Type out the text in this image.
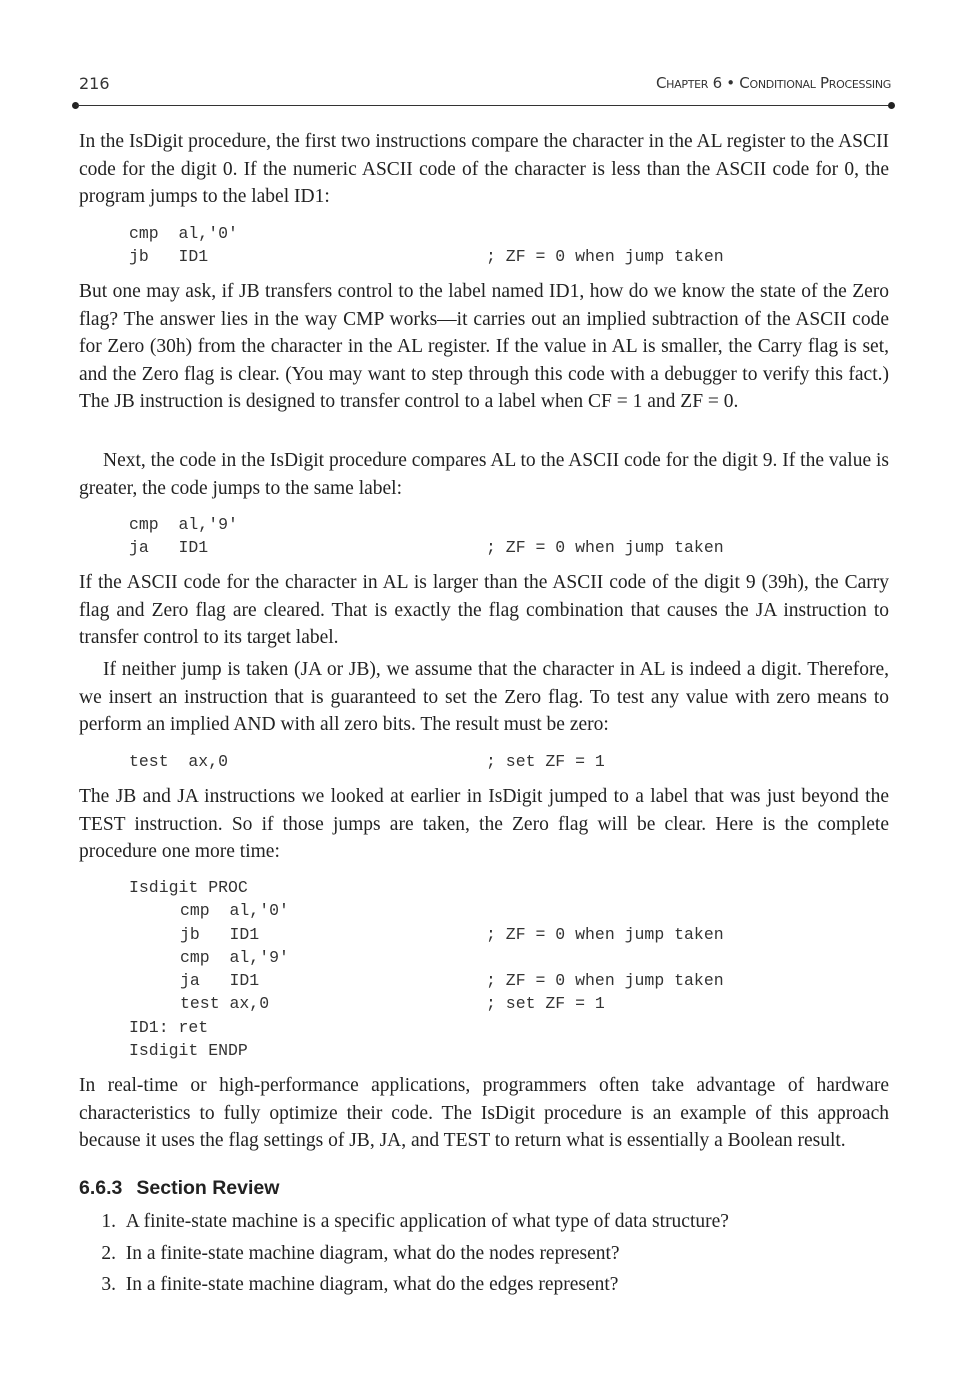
216	Chapter 6 • Conditional Processing

In the IsDigit procedure, the first two instructions compare the character in the AL register to the ASCII code for the digit 0. If the numeric ASCII code of the character is less than the ASCII code for 0, the program jumps to the label ID1:

cmp  al,'0'
jb   ID1	; ZF = 0 when jump taken

But one may ask, if JB transfers control to the label named ID1, how do we know the state of the Zero flag? The answer lies in the way CMP works—it carries out an implied subtraction of the ASCII code for Zero (30h) from the character in the AL register. If the value in AL is smaller, the Carry flag is set, and the Zero flag is clear. (You may want to step through this code with a debugger to verify this fact.) The JB instruction is designed to transfer control to a label when CF = 1 and ZF = 0.

Next, the code in the IsDigit procedure compares AL to the ASCII code for the digit 9. If the value is greater, the code jumps to the same label:

cmp  al,'9'
ja   ID1	; ZF = 0 when jump taken

If the ASCII code for the character in AL is larger than the ASCII code of the digit 9 (39h), the Carry flag and Zero flag are cleared. That is exactly the flag combination that causes the JA instruction to transfer control to its target label.

If neither jump is taken (JA or JB), we assume that the character in AL is indeed a digit. Therefore, we insert an instruction that is guaranteed to set the Zero flag. To test any value with zero means to perform an implied AND with all zero bits. The result must be zero:

test  ax,0	; set ZF = 1

The JB and JA instructions we looked at earlier in IsDigit jumped to a label that was just beyond the TEST instruction. So if those jumps are taken, the Zero flag will be clear. Here is the complete procedure one more time:

Isdigit PROC
cmp  al,'0'
jb   ID1	; ZF = 0 when jump taken
cmp  al,'9'
ja   ID1	; ZF = 0 when jump taken
test ax,0	; set ZF = 1
ID1: ret
Isdigit ENDP

In real-time or high-performance applications, programmers often take advantage of hardware characteristics to fully optimize their code. The IsDigit procedure is an example of this approach because it uses the flag settings of JB, JA, and TEST to return what is essentially a Boolean result.

6.6.3 Section Review
1.
A finite-state machine is a specific application of what type of data structure?
2.
In a finite-state machine diagram, what do the nodes represent?
3.
In a finite-state machine diagram, what do the edges represent?
